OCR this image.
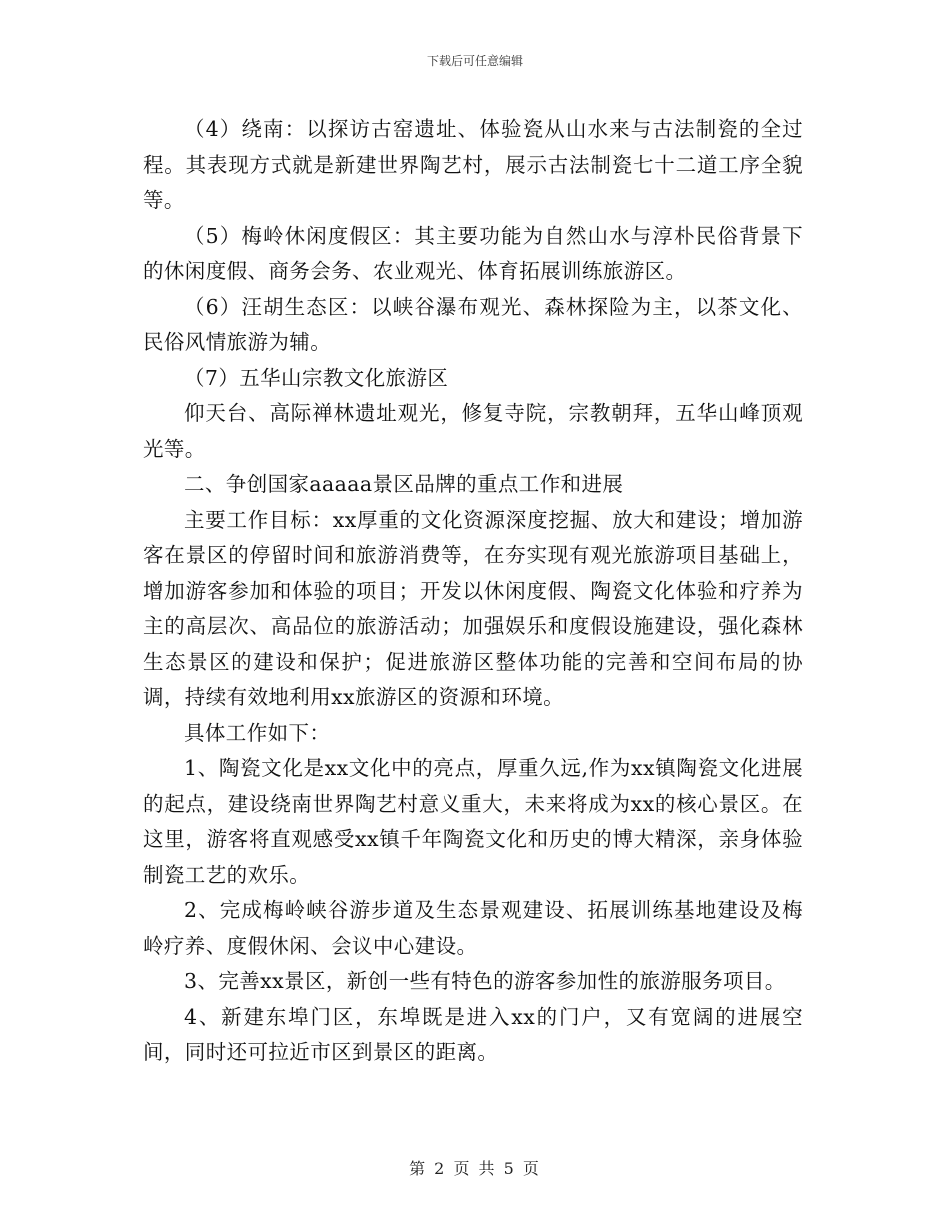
下载后可任意编辑

（4）绕南：以探访古窑遗址、体验瓷从山水来与古法制瓷的全过程。其表现方式就是新建世界陶艺村，展示古法制瓷七十二道工序全貌等。

（5）梅岭休闲度假区：其主要功能为自然山水与淳朴民俗背景下的休闲度假、商务会务、农业观光、体育拓展训练旅游区。

（6）汪胡生态区：以峡谷瀑布观光、森林探险为主，以茶文化、民俗风情旅游为辅。

（7）五华山宗教文化旅游区

仰天台、高际禅林遗址观光，修复寺院，宗教朝拜，五华山峰顶观光等。

二、争创国家aaaaa景区品牌的重点工作和进展

主要工作目标：xx厚重的文化资源深度挖掘、放大和建设；增加游客在景区的停留时间和旅游消费等，在夯实现有观光旅游项目基础上，增加游客参加和体验的项目；开发以休闲度假、陶瓷文化体验和疗养为主的高层次、高品位的旅游活动；加强娱乐和度假设施建设，强化森林生态景区的建设和保护；促进旅游区整体功能的完善和空间布局的协调，持续有效地利用xx旅游区的资源和环境。

具体工作如下：

1、陶瓷文化是xx文化中的亮点，厚重久远,作为xx镇陶瓷文化进展的起点，建设绕南世界陶艺村意义重大，未来将成为xx的核心景区。在这里，游客将直观感受xx镇千年陶瓷文化和历史的博大精深，亲身体验制瓷工艺的欢乐。

2、完成梅岭峡谷游步道及生态景观建设、拓展训练基地建设及梅岭疗养、度假休闲、会议中心建设。

3、完善xx景区，新创一些有特色的游客参加性的旅游服务项目。

4、新建东埠门区，东埠既是进入xx的门户，又有宽阔的进展空间，同时还可拉近市区到景区的距离。

第 2 页 共 5 页
